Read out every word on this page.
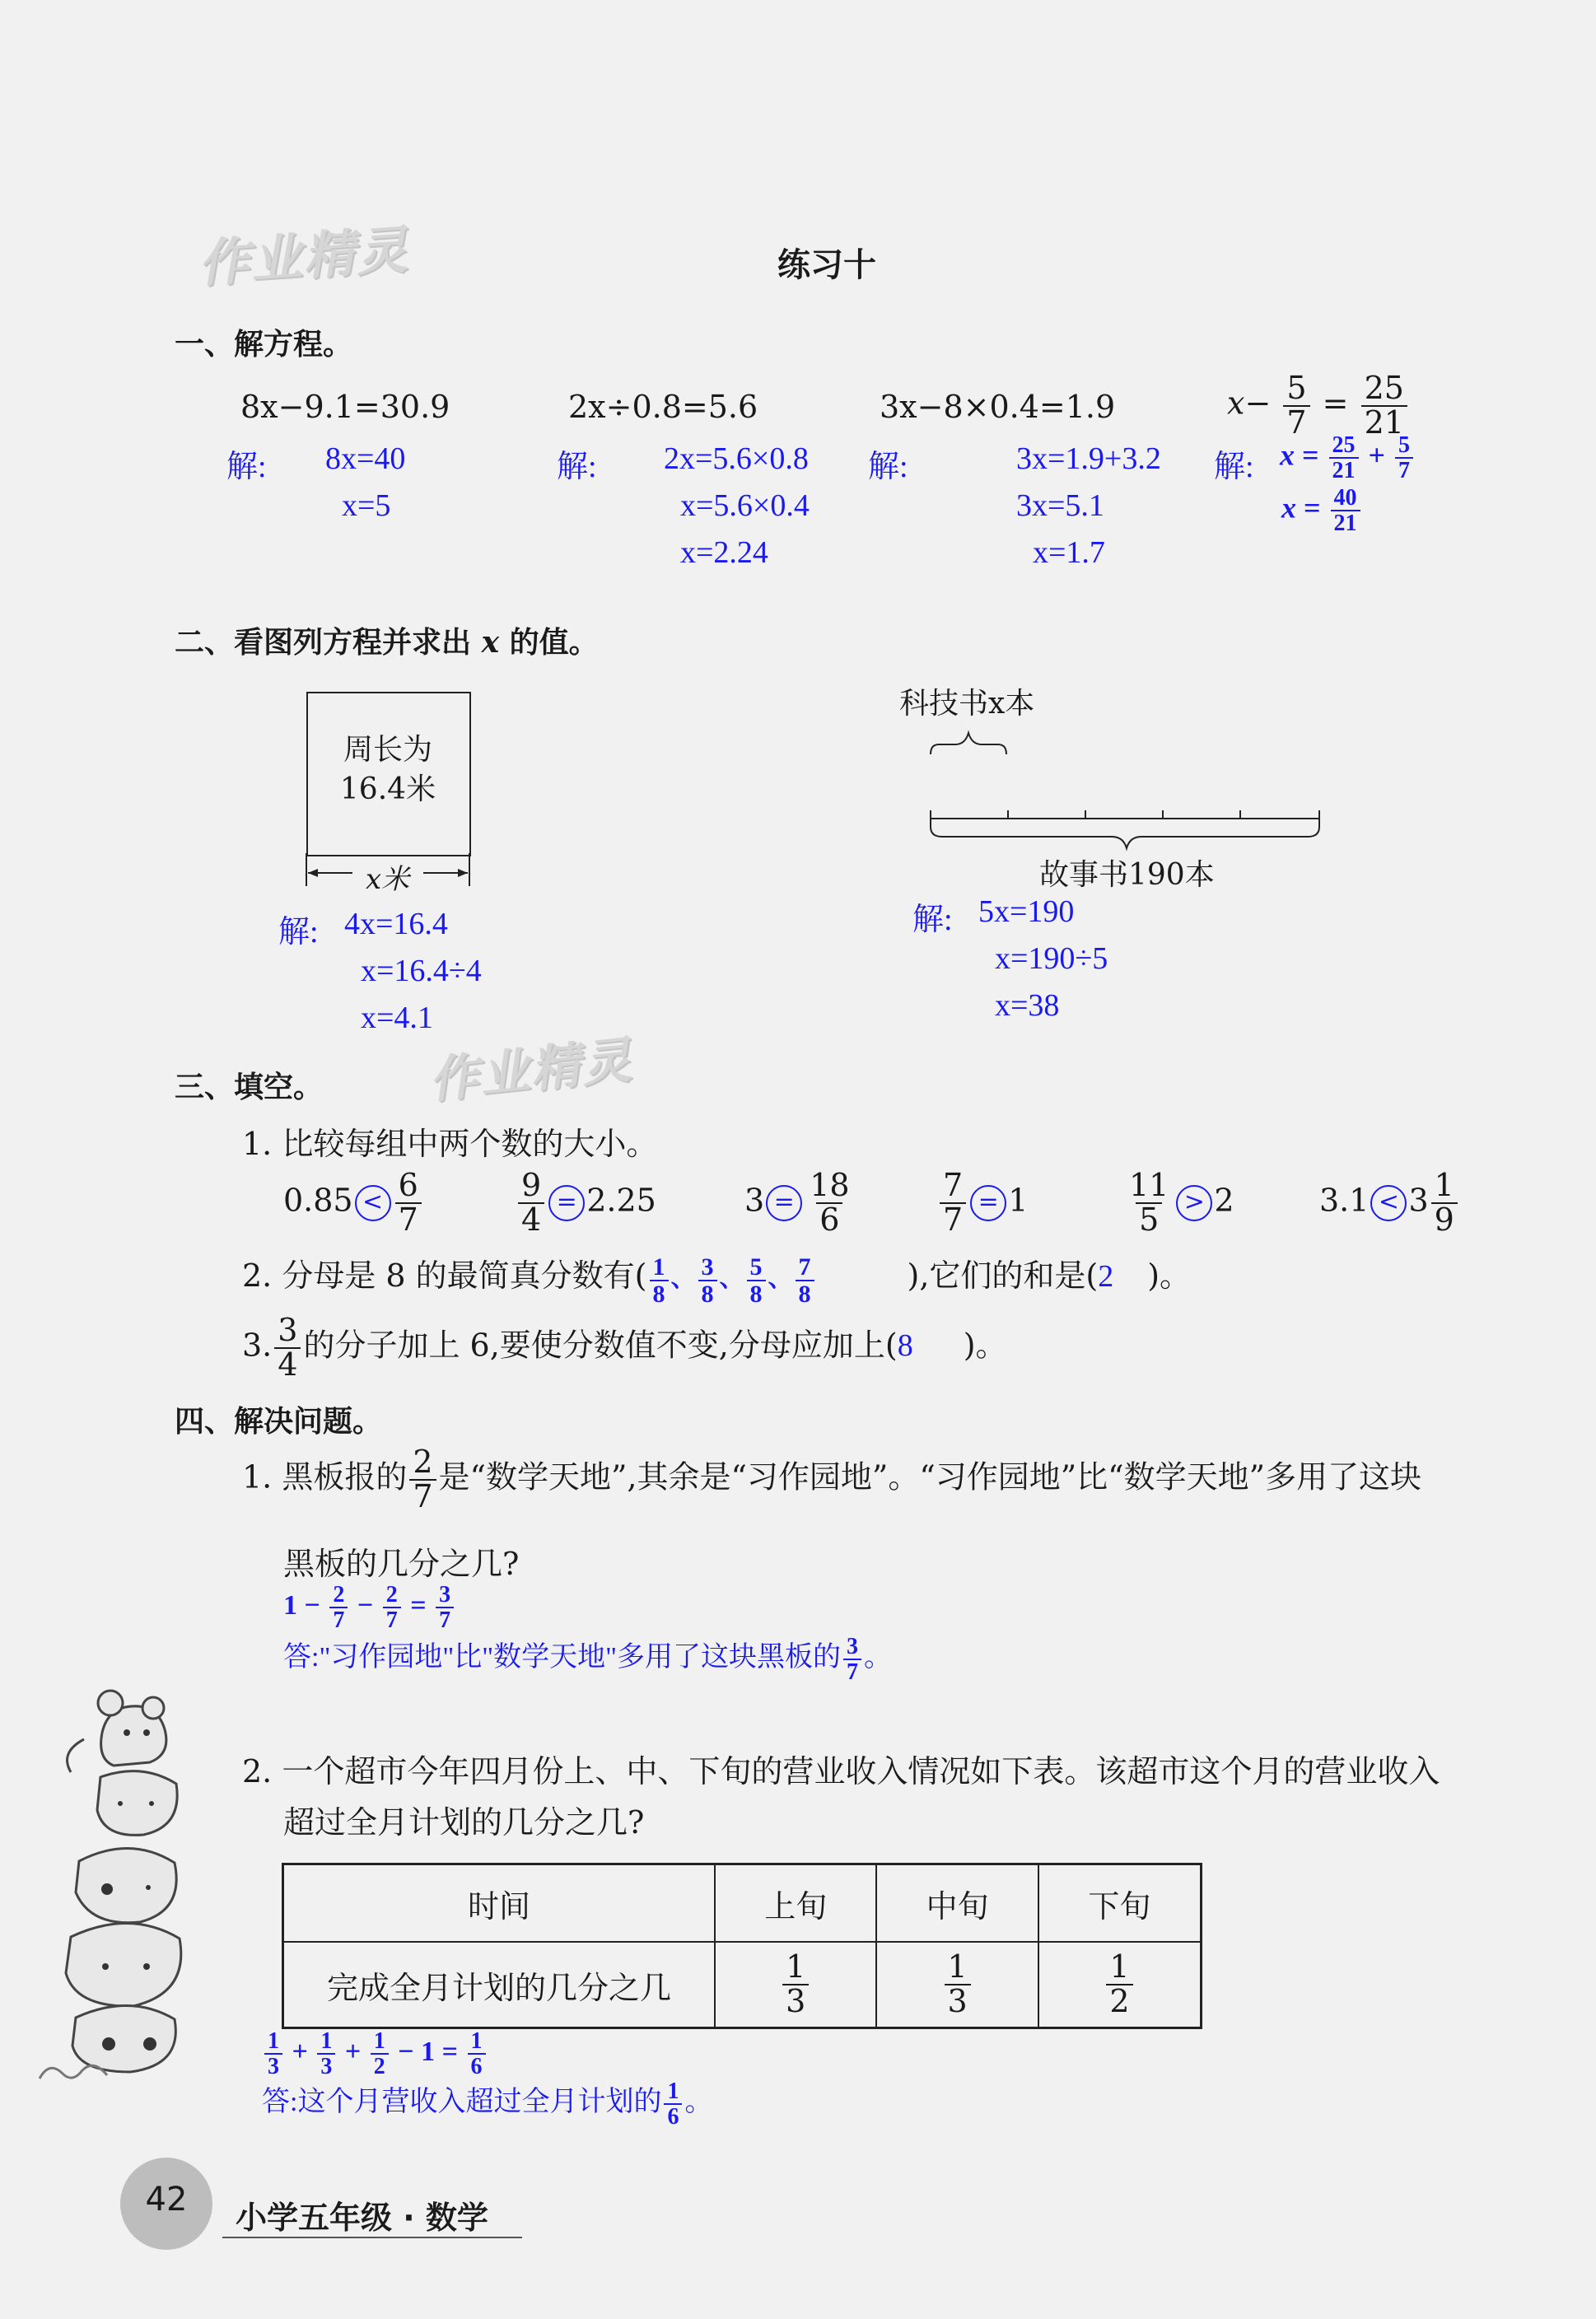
作业精灵	练习十
一、解方程。
8x−9.1=30.9	2x÷0.8=5.6	3x−8×0.4=1.9	$x- \frac{5}{7} = \frac{25}{21}$
解: 8x=40
x=5
解: 2x=5.6×0.8
x=5.6×0.4
x=2.24
解:	3x=1.9+3.2
3x=5.1
x=1.7
解: $x = \frac{25}{21} + \frac{5}{7}$
$x = \frac{40}{21}$
二、看图列方程并求出 x 的值。
周长为
16.4米
x米
解: 4x=16.4
x=16.4÷4
x=4.1
科技书x本
故事书190本
解: 5x=190
x=190÷5
x=38
作业精灵
三、填空。
1. 比较每组中两个数的大小。
$0.85 < \frac{6}{7}$	$\frac{9}{4} = 2.25$	$3 = \frac{18}{6}$	$\frac{7}{7} = 1$	$\frac{11}{5} > 2$	$3.1 < 3 \frac{1}{9}$
2. 分母是 8 的最简真分数有( $\frac{1}{8}$ 、 $\frac{3}{8}$ 、 $\frac{5}{8}$ 、 $\frac{7}{8}$	),它们的和是(2 )。
3. $\frac{3}{4}$ 的分子加上 6,要使分数值不变,分母应加上(8 )。
四、解决问题。
1. 黑板报的 $\frac{2}{7}$ 是“数学天地”,其余是“习作园地”。“习作园地”比“数学天地”多用了这块
黑板的几分之几?
$1 - \frac{2}{7} - \frac{2}{7} = \frac{3}{7}$
答:"习作园地"比"数学天地"多用了这块黑板的 $\frac{3}{7}$ 。
2. 一个超市今年四月份上、中、下旬的营业收入情况如下表。该超市这个月的营业收入
超过全月计划的几分之几?
时间	上旬	中旬	下旬
完成全月计划的几分之几	$\frac{1}{3}$	$\frac{1}{3}$	$\frac{1}{2}$
$\frac{1}{3} + \frac{1}{3} + \frac{1}{2} - 1 = \frac{1}{6}$
答:这个月营收入超过全月计划的 $\frac{1}{6}$ 。
42	小学五年级 · 数学
